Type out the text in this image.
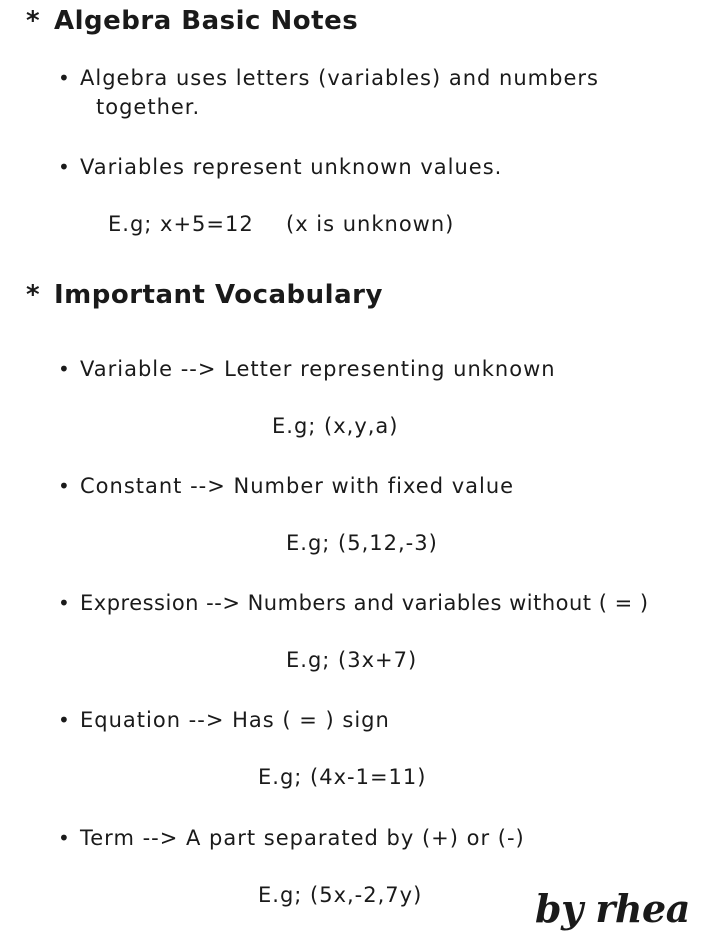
* Algebra Basic Notes
• Algebra uses letters (variables) and numbers
together.
• Variables represent unknown values.
E.g; x+5=12 (x is unknown)
* Important Vocabulary
• Variable --> Letter representing unknown
E.g; (x,y,a)
• Constant --> Number with fixed value
E.g; (5,12,-3)
• Expression --> Numbers and variables without ( = )
E.g; (3x+7)
• Equation --> Has ( = ) sign
E.g; (4x-1=11)
• Term --> A part separated by (+) or (-)
E.g; (5x,-2,7y)	by rhea
